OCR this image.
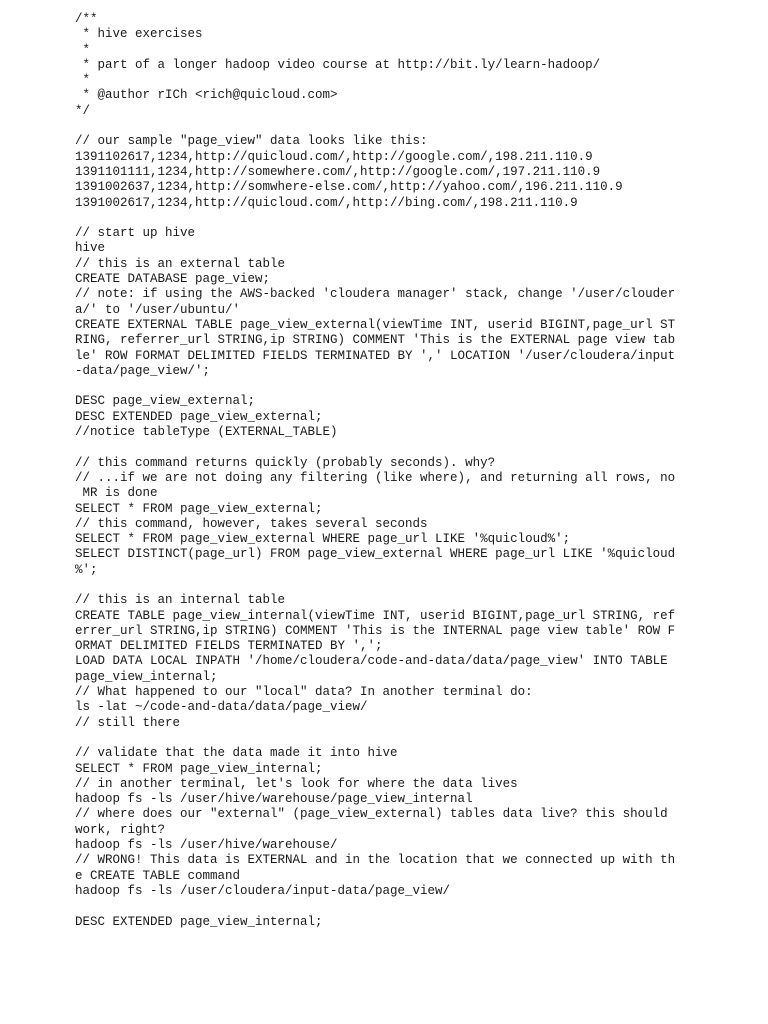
/**
* hive exercises
*
* part of a longer hadoop video course at http://bit.ly/learn-hadoop/
*
* @author rICh <rich@quicloud.com>
*/
// our sample "page_view" data looks like this:
1391102617,1234,http://quicloud.com/,http://google.com/,198.211.110.9
1391101111,1234,http://somewhere.com/,http://google.com/,197.211.110.9
1391002637,1234,http://somwhere-else.com/,http://yahoo.com/,196.211.110.9
1391002617,1234,http://quicloud.com/,http://bing.com/,198.211.110.9
// start up hive
hive
// this is an external table
CREATE DATABASE page_view;
// note: if using the AWS-backed 'cloudera manager' stack, change '/user/clouder
a/' to '/user/ubuntu/'
CREATE EXTERNAL TABLE page_view_external(viewTime INT, userid BIGINT,page_url ST
RING, referrer_url STRING,ip STRING) COMMENT 'This is the EXTERNAL page view tab
le' ROW FORMAT DELIMITED FIELDS TERMINATED BY ',' LOCATION '/user/cloudera/input
-data/page_view/';
DESC page_view_external;
DESC EXTENDED page_view_external;
//notice tableType (EXTERNAL_TABLE)
// this command returns quickly (probably seconds). why?
// ...if we are not doing any filtering (like where), and returning all rows, no
MR is done
SELECT * FROM page_view_external;
// this command, however, takes several seconds
SELECT * FROM page_view_external WHERE page_url LIKE '%quicloud%';
SELECT DISTINCT(page_url) FROM page_view_external WHERE page_url LIKE '%quicloud
%';
// this is an internal table
CREATE TABLE page_view_internal(viewTime INT, userid BIGINT,page_url STRING, ref
errer_url STRING,ip STRING) COMMENT 'This is the INTERNAL page view table' ROW F
ORMAT DELIMITED FIELDS TERMINATED BY ',';
LOAD DATA LOCAL INPATH '/home/cloudera/code-and-data/data/page_view' INTO TABLE
page_view_internal;
// What happened to our "local" data? In another terminal do:
ls -lat ~/code-and-data/data/page_view/
// still there
// validate that the data made it into hive
SELECT * FROM page_view_internal;
// in another terminal, let's look for where the data lives
hadoop fs -ls /user/hive/warehouse/page_view_internal
// where does our "external" (page_view_external) tables data live? this should
work, right?
hadoop fs -ls /user/hive/warehouse/
// WRONG! This data is EXTERNAL and in the location that we connected up with th
e CREATE TABLE command
hadoop fs -ls /user/cloudera/input-data/page_view/
DESC EXTENDED page_view_internal;
